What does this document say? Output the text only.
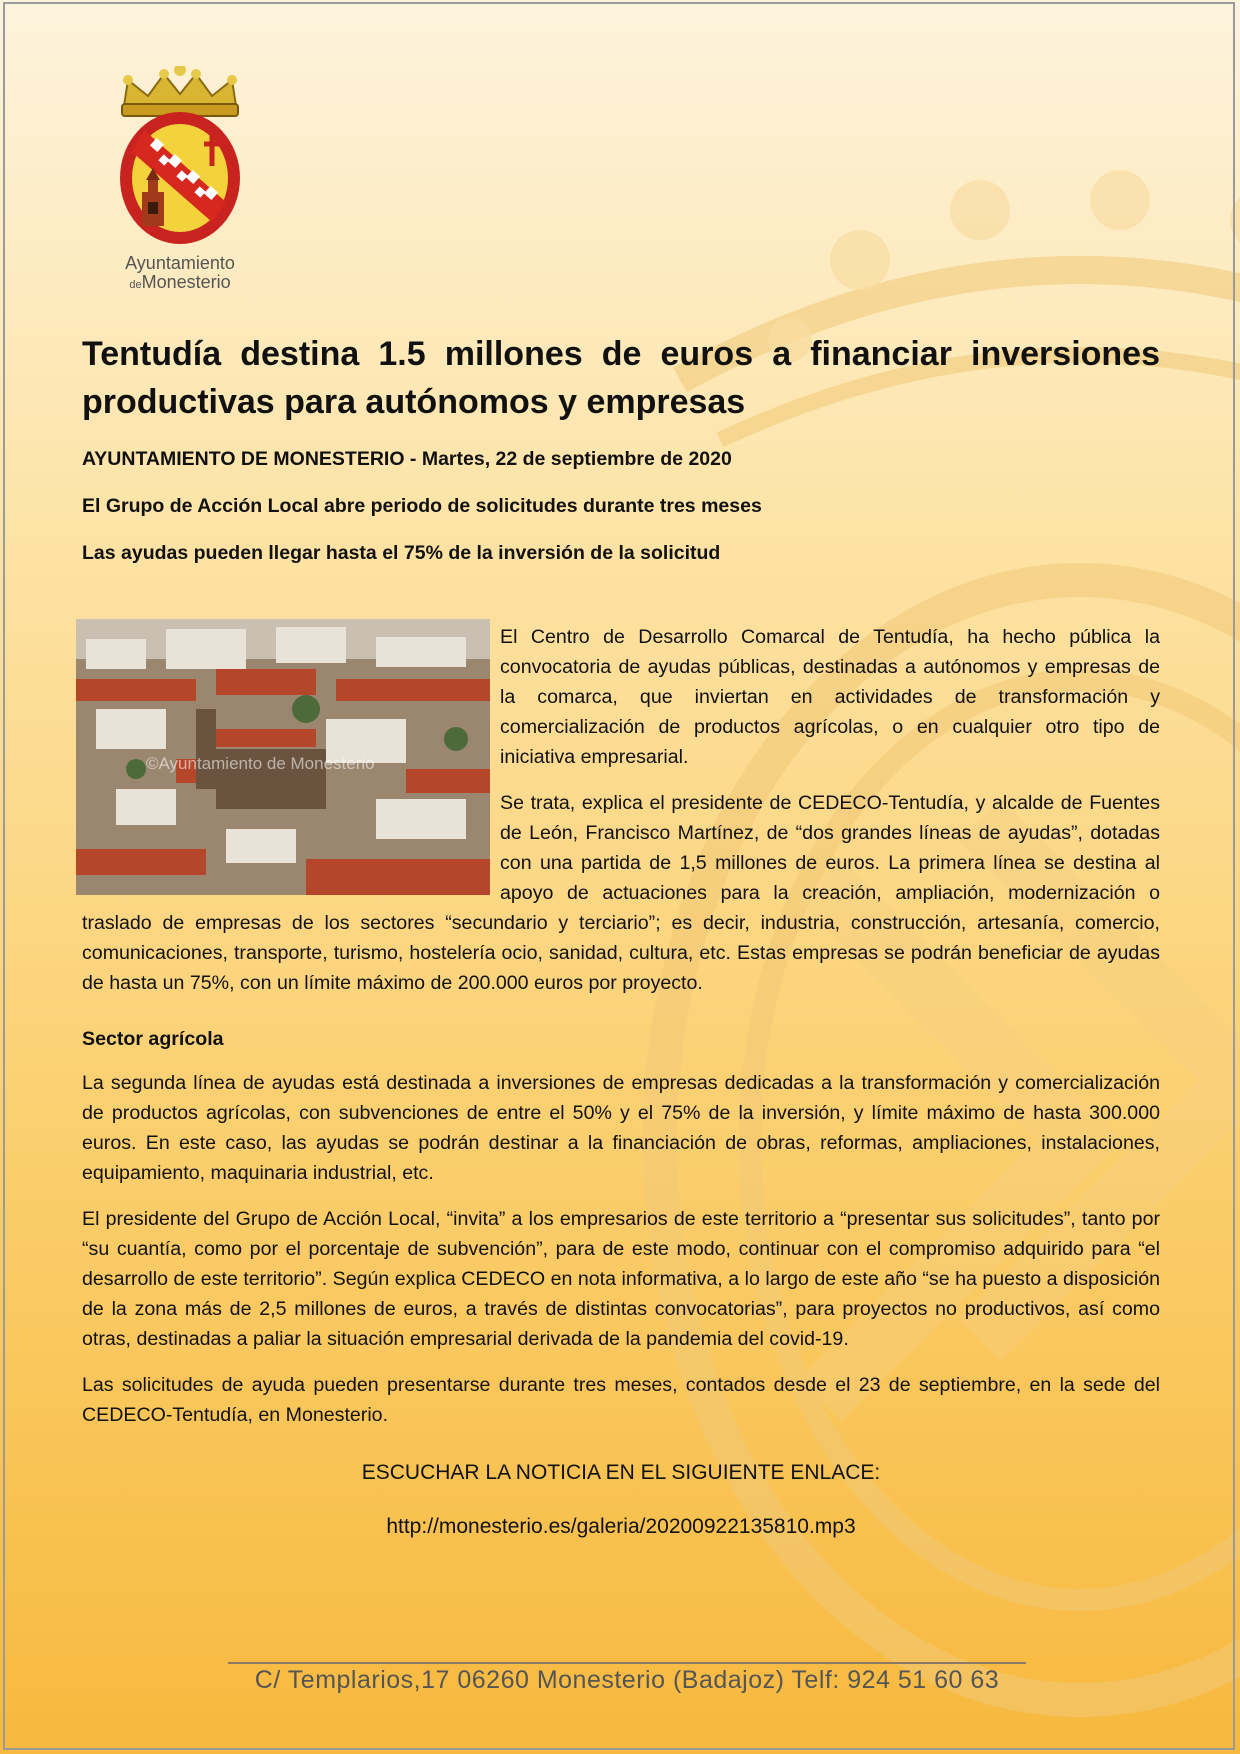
Ayuntamiento
deMonesterio
Tentudía destina 1.5 millones de euros a financiar inversiones productivas para autónomos y empresas
AYUNTAMIENTO DE MONESTERIO - Martes, 22 de septiembre de 2020
El Grupo de Acción Local abre periodo de solicitudes durante tres meses
Las ayudas pueden llegar hasta el 75% de la inversión de la solicitud
©Ayuntamiento de Monesterio

El Centro de Desarrollo Comarcal de Tentudía, ha hecho pública la convocatoria de ayudas públicas, destinadas a autónomos y empresas de la comarca, que inviertan en actividades de transformación y comercialización de productos agrícolas, o en cualquier otro tipo de iniciativa empresarial.

Se trata, explica el presidente de CEDECO-Tentudía, y alcalde de Fuentes de León, Francisco Martínez, de “dos grandes líneas de ayudas”, dotadas con una partida de 1,5 millones de euros. La primera línea se destina al apoyo de actuaciones para la creación, ampliación, modernización o traslado de empresas de los sectores “secundario y terciario”; es decir, industria, construcción, artesanía, comercio, comunicaciones, transporte, turismo, hostelería ocio, sanidad, cultura, etc. Estas empresas se podrán beneficiar de ayudas de hasta un 75%, con un límite máximo de 200.000 euros por proyecto.

Sector agrícola

La segunda línea de ayudas está destinada a inversiones de empresas dedicadas a la transformación y comercialización de productos agrícolas, con subvenciones de entre el 50% y el 75% de la inversión, y límite máximo de hasta 300.000 euros. En este caso, las ayudas se podrán destinar a la financiación de obras, reformas, ampliaciones, instalaciones, equipamiento, maquinaria industrial, etc.

El presidente del Grupo de Acción Local, “invita” a los empresarios de este territorio a “presentar sus solicitudes”, tanto por “su cuantía, como por el porcentaje de subvención”, para de este modo, continuar con el compromiso adquirido para “el desarrollo de este territorio”. Según explica CEDECO en nota informativa, a lo largo de este año “se ha puesto a disposición de la zona más de 2,5 millones de euros, a través de distintas convocatorias”, para proyectos no productivos, así como otras, destinadas a paliar la situación empresarial derivada de la pandemia del covid-19.

Las solicitudes de ayuda pueden presentarse durante tres meses, contados desde el 23 de septiembre, en la sede del CEDECO-Tentudía, en Monesterio.

ESCUCHAR LA NOTICIA EN EL SIGUIENTE ENLACE:
http://monesterio.es/galeria/20200922135810.mp3
C/ Templarios,17 06260 Monesterio (Badajoz) Telf: 924 51 60 63
